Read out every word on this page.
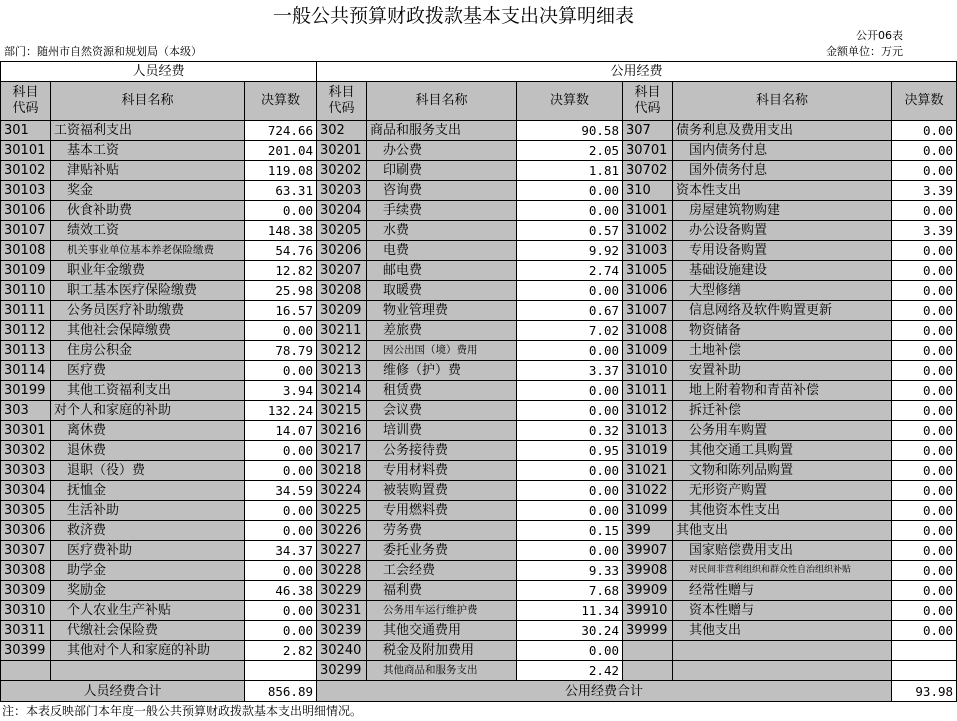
一般公共预算财政拨款基本支出决算明细表
公开06表
部门：随州市自然资源和规划局（本级）	金额单位：万元
人员经费			公用经费					
科目
代码	科目名称	决算数	科目
代码	科目名称	决算数	科目
代码	科目名称	决算数
301	工资福利支出	724.66	302	商品和服务支出	90.58	307	债务利息及费用支出	0.00
30101	基本工资	201.04	30201	办公费	2.05	30701	国内债务付息	0.00
30102	津贴补贴	119.08	30202	印刷费	1.81	30702	国外债务付息	0.00
30103	奖金	63.31	30203	咨询费	0.00	310	资本性支出	3.39
30106	伙食补助费	0.00	30204	手续费	0.00	31001	房屋建筑物购建	0.00
30107	绩效工资	148.38	30205	水费	0.57	31002	办公设备购置	3.39
30108	机关事业单位基本养老保险缴费	54.76	30206	电费	9.92	31003	专用设备购置	0.00
30109	职业年金缴费	12.82	30207	邮电费	2.74	31005	基础设施建设	0.00
30110	职工基本医疗保险缴费	25.98	30208	取暖费	0.00	31006	大型修缮	0.00
30111	公务员医疗补助缴费	16.57	30209	物业管理费	0.67	31007	信息网络及软件购置更新	0.00
30112	其他社会保障缴费	0.00	30211	差旅费	7.02	31008	物资储备	0.00
30113	住房公积金	78.79	30212	因公出国（境）费用	0.00	31009	土地补偿	0.00
30114	医疗费	0.00	30213	维修（护）费	3.37	31010	安置补助	0.00
30199	其他工资福利支出	3.94	30214	租赁费	0.00	31011	地上附着物和青苗补偿	0.00
303	对个人和家庭的补助	132.24	30215	会议费	0.00	31012	拆迁补偿	0.00
30301	离休费	14.07	30216	培训费	0.32	31013	公务用车购置	0.00
30302	退休费	0.00	30217	公务接待费	0.95	31019	其他交通工具购置	0.00
30303	退职（役）费	0.00	30218	专用材料费	0.00	31021	文物和陈列品购置	0.00
30304	抚恤金	34.59	30224	被装购置费	0.00	31022	无形资产购置	0.00
30305	生活补助	0.00	30225	专用燃料费	0.00	31099	其他资本性支出	0.00
30306	救济费	0.00	30226	劳务费	0.15	399	其他支出	0.00
30307	医疗费补助	34.37	30227	委托业务费	0.00	39907	国家赔偿费用支出	0.00
30308	助学金	0.00	30228	工会经费	9.33	39908	对民间非营利组织和群众性自治组织补贴	0.00
30309	奖励金	46.38	30229	福利费	7.68	39909	经常性赠与	0.00
30310	个人农业生产补贴	0.00	30231	公务用车运行维护费	11.34	39910	资本性赠与	0.00
30311	代缴社会保险费	0.00	30239	其他交通费用	30.24	39999	其他支出	0.00
30399	其他对个人和家庭的补助	2.82	30240	税金及附加费用	0.00			
			30299	其他商品和服务支出	2.42			
人员经费合计		856.89	公用经费合计					93.98
注：本表反映部门本年度一般公共预算财政拨款基本支出明细情况。
